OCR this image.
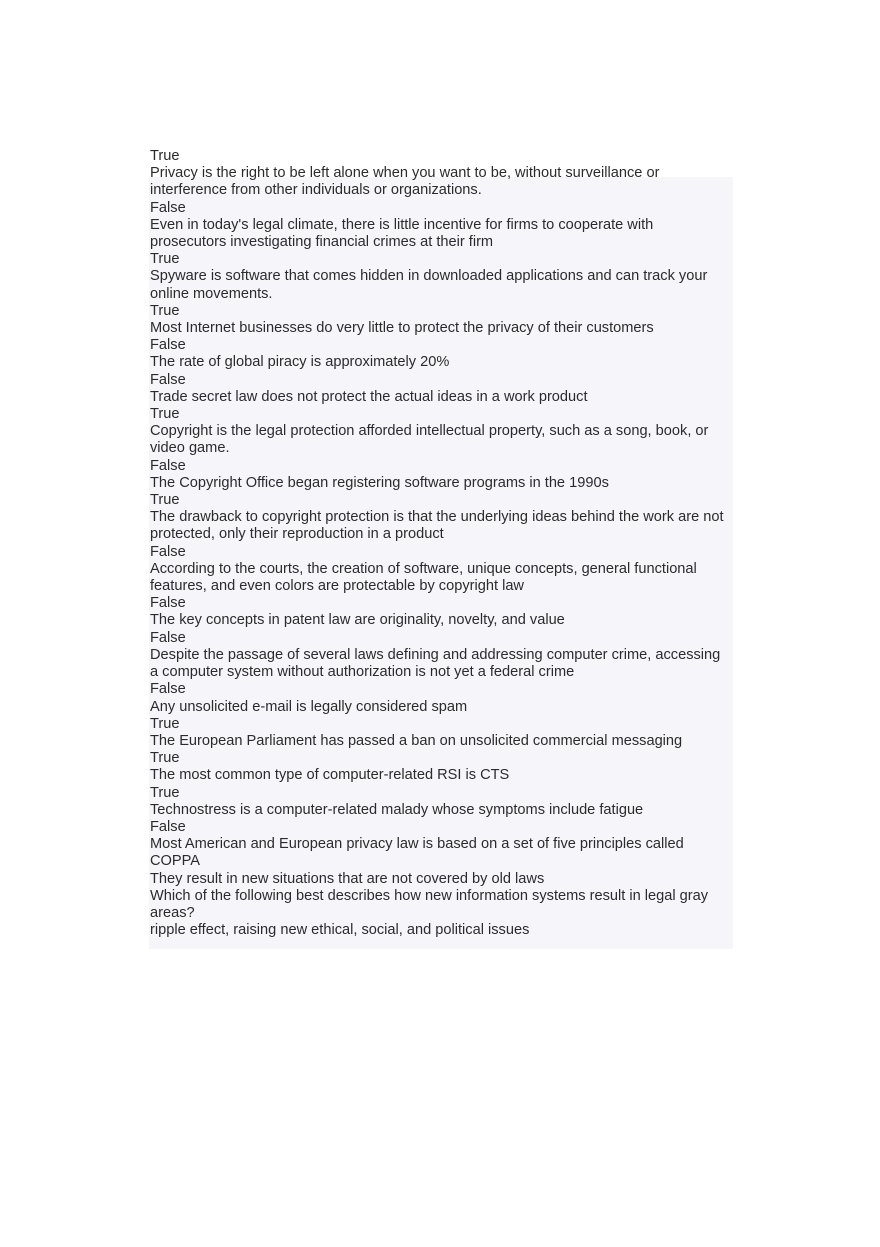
True
Privacy is the right to be left alone when you want to be, without surveillance or interference from other individuals or organizations.
False
Even in today's legal climate, there is little incentive for firms to cooperate with prosecutors investigating financial crimes at their firm
True
Spyware is software that comes hidden in downloaded applications and can track your online movements.
True
Most Internet businesses do very little to protect the privacy of their customers
False
The rate of global piracy is approximately 20%
False
Trade secret law does not protect the actual ideas in a work product
True
Copyright is the legal protection afforded intellectual property, such as a song, book, or video game.
False
The Copyright Office began registering software programs in the 1990s
True
The drawback to copyright protection is that the underlying ideas behind the work are not protected, only their reproduction in a product
False
According to the courts, the creation of software, unique concepts, general functional features, and even colors are protectable by copyright law
False
The key concepts in patent law are originality, novelty, and value
False
Despite the passage of several laws defining and addressing computer crime, accessing a computer system without authorization is not yet a federal crime
False
Any unsolicited e-mail is legally considered spam
True
The European Parliament has passed a ban on unsolicited commercial messaging
True
The most common type of computer-related RSI is CTS
True
Technostress is a computer-related malady whose symptoms include fatigue
False
Most American and European privacy law is based on a set of five principles called COPPA
They result in new situations that are not covered by old laws
Which of the following best describes how new information systems result in legal gray areas?
ripple effect, raising new ethical, social, and political issues
